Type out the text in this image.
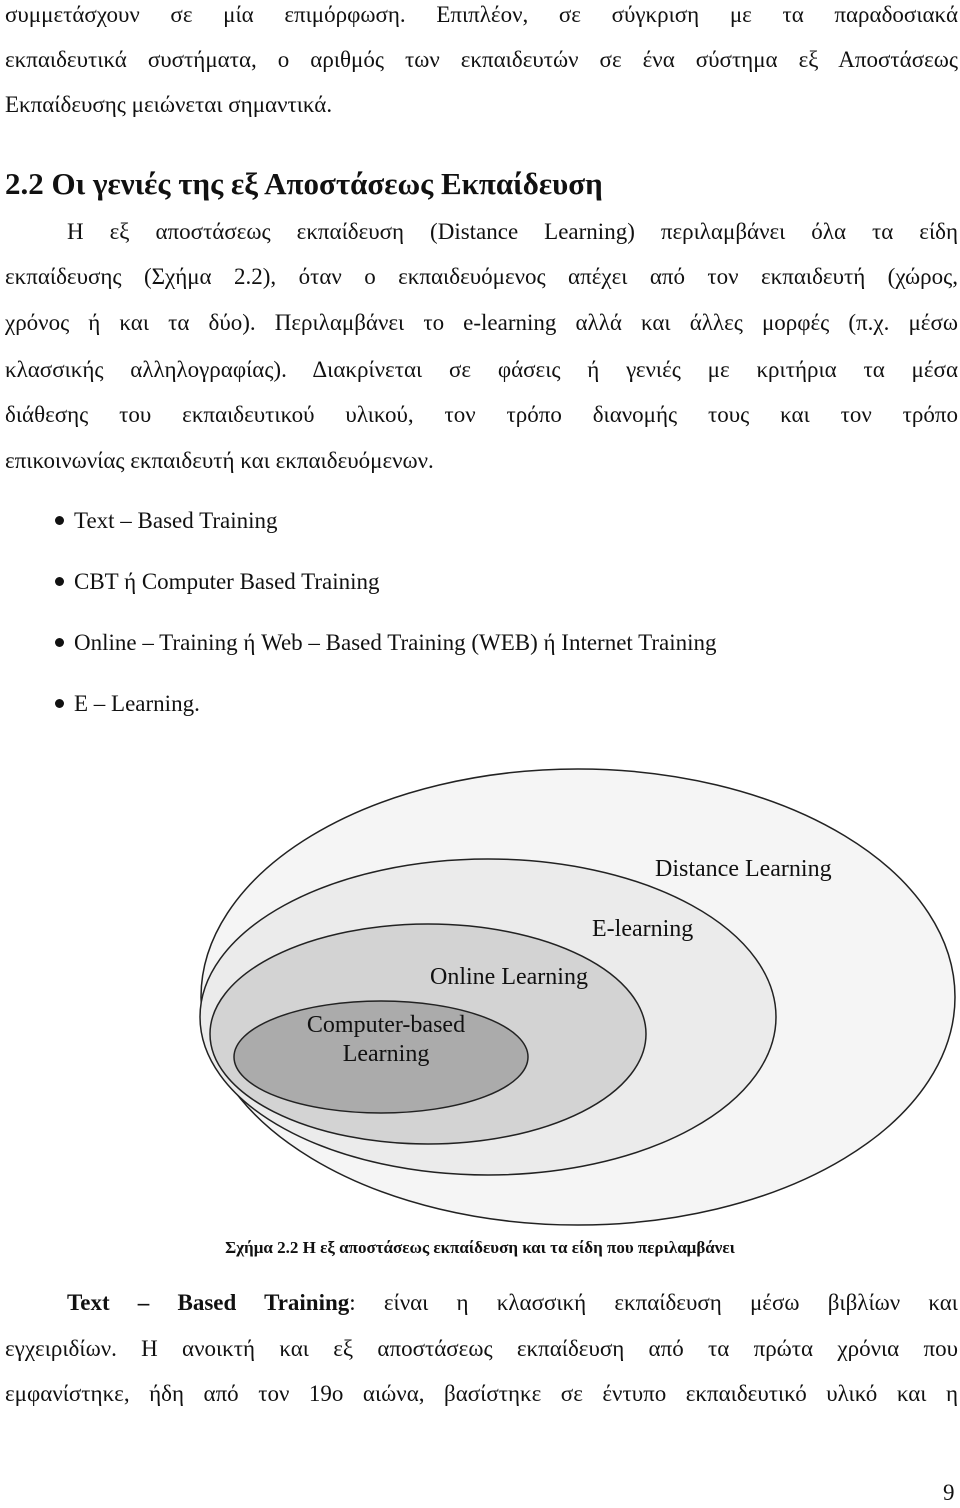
συμμετάσχουν σε μία επιμόρφωση. Επιπλέον, σε σύγκριση με τα παραδοσιακά
εκπαιδευτικά συστήματα, ο αριθμός των εκπαιδευτών σε ένα σύστημα εξ Αποστάσεως
Εκπαίδευσης μειώνεται σημαντικά.
2.2 Οι γενιές της εξ Αποστάσεως Εκπαίδευση
Η εξ αποστάσεως εκπαίδευση (Distance Learning) περιλαμβάνει όλα τα είδη
εκπαίδευσης (Σχήμα 2.2), όταν ο εκπαιδευόμενος απέχει από τον εκπαιδευτή (χώρος,
χρόνος ή και τα δύο). Περιλαμβάνει το e-learning αλλά και άλλες μορφές (π.χ. μέσω
κλασσικής αλληλογραφίας). Διακρίνεται σε φάσεις ή γενιές με κριτήρια τα μέσα
διάθεσης του εκπαιδευτικού υλικού, τον τρόπο διανομής τους και τον τρόπο
επικοινωνίας εκπαιδευτή και εκπαιδευόμενων.
Text – Based Training
CBT ή Computer Based Training
Online – Training ή Web – Based Training (WEB) ή Internet Training
E – Learning.
Distance Learning
E-learning
Online Learning
Computer-based
Learning
Σχήμα 2.2 Η εξ αποστάσεως εκπαίδευση και τα είδη που περιλαμβάνει
Text – Based Training: είναι η κλασσική εκπαίδευση μέσω βιβλίων και
εγχειριδίων. Η ανοικτή και εξ αποστάσεως εκπαίδευση από τα πρώτα χρόνια που
εμφανίστηκε, ήδη από τον 19ο αιώνα, βασίστηκε σε έντυπο εκπαιδευτικό υλικό και η
9
